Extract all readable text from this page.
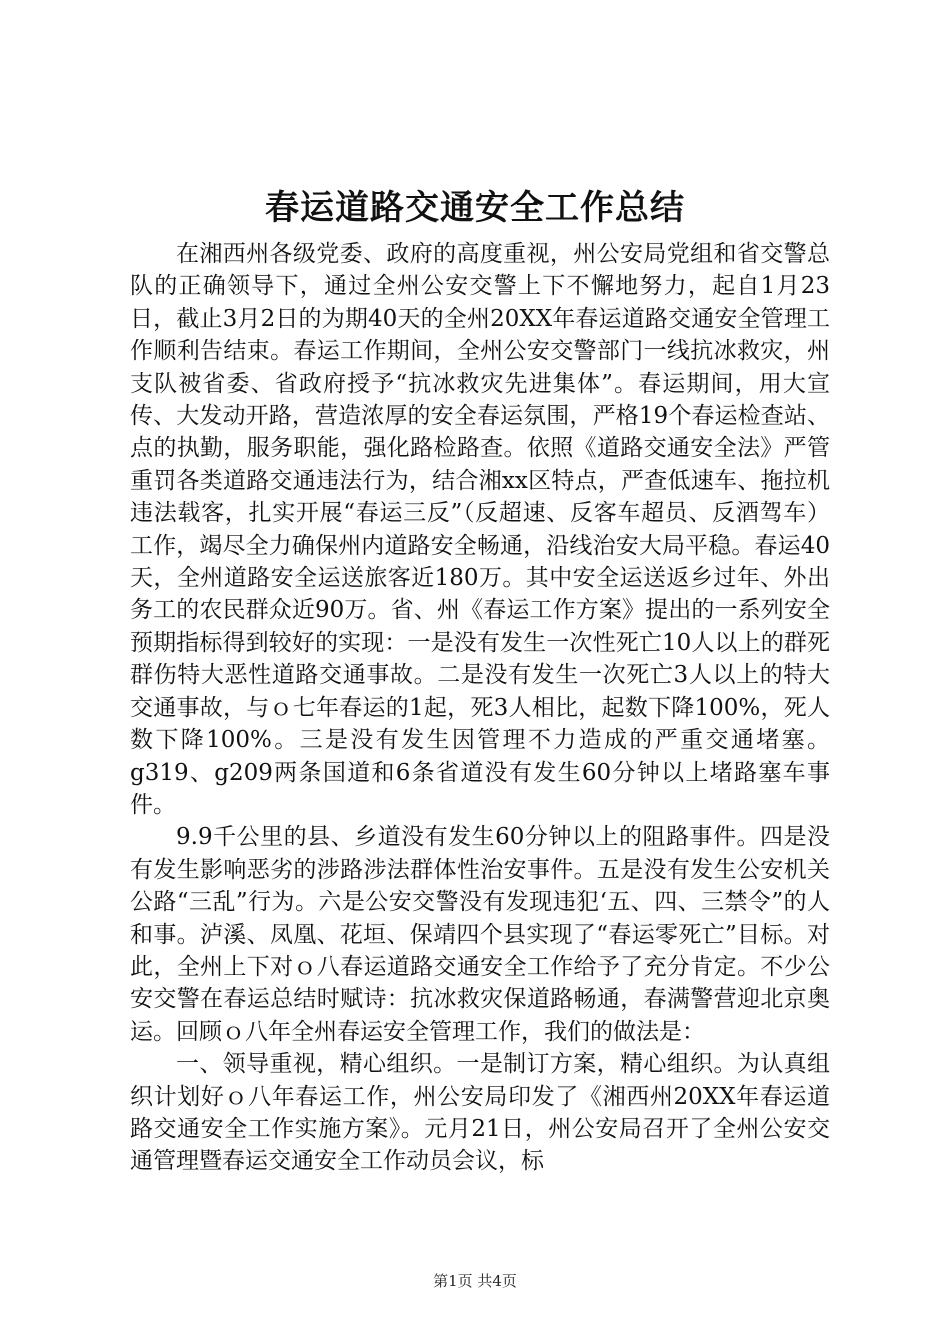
春运道路交通安全工作总结

在湘西州各级党委、政府的高度重视，州公安局党组和省交警总队的正确领导下，通过全州公安交警上下不懈地努力，起自1月23日，截止3月2日的为期40天的全州20XX年春运道路交通安全管理工作顺利告结束。春运工作期间，全州公安交警部门一线抗冰救灾，州支队被省委、省政府授予“抗冰救灾先进集体”。春运期间，用大宣传、大发动开路，营造浓厚的安全春运氛围，严格19个春运检查站、点的执勤，服务职能，强化路检路查。依照《道路交通安全法》严管重罚各类道路交通违法行为，结合湘xx区特点，严查低速车、拖拉机违法载客，扎实开展“春运三反”（反超速、反客车超员、反酒驾车）工作，竭尽全力确保州内道路安全畅通，沿线治安大局平稳。春运40天，全州道路安全运送旅客近180万。其中安全运送返乡过年、外出务工的农民群众近90万。省、州《春运工作方案》提出的一系列安全预期指标得到较好的实现：一是没有发生一次性死亡10人以上的群死群伤特大恶性道路交通事故。二是没有发生一次死亡3人以上的特大交通事故，与ｏ七年春运的1起，死3人相比，起数下降100%，死人数下降100%。三是没有发生因管理不力造成的严重交通堵塞。g319、g209两条国道和6条省道没有发生60分钟以上堵路塞车事件。

9.9千公里的县、乡道没有发生60分钟以上的阻路事件。四是没有发生影响恶劣的涉路涉法群体性治安事件。五是没有发生公安机关公路“三乱”行为。六是公安交警没有发现违犯‘五、四、三禁令”的人和事。泸溪、凤凰、花垣、保靖四个县实现了“春运零死亡”目标。对此，全州上下对ｏ八春运道路交通安全工作给予了充分肯定。不少公安交警在春运总结时赋诗：抗冰救灾保道路畅通，春满警营迎北京奥运。回顾ｏ八年全州春运安全管理工作，我们的做法是：

一、领导重视，精心组织。一是制订方案，精心组织。为认真组织计划好ｏ八年春运工作，州公安局印发了《湘西州20XX年春运道路交通安全工作实施方案》。元月21日，州公安局召开了全州公安交通管理暨春运交通安全工作动员会议，标

第1页 共4页
